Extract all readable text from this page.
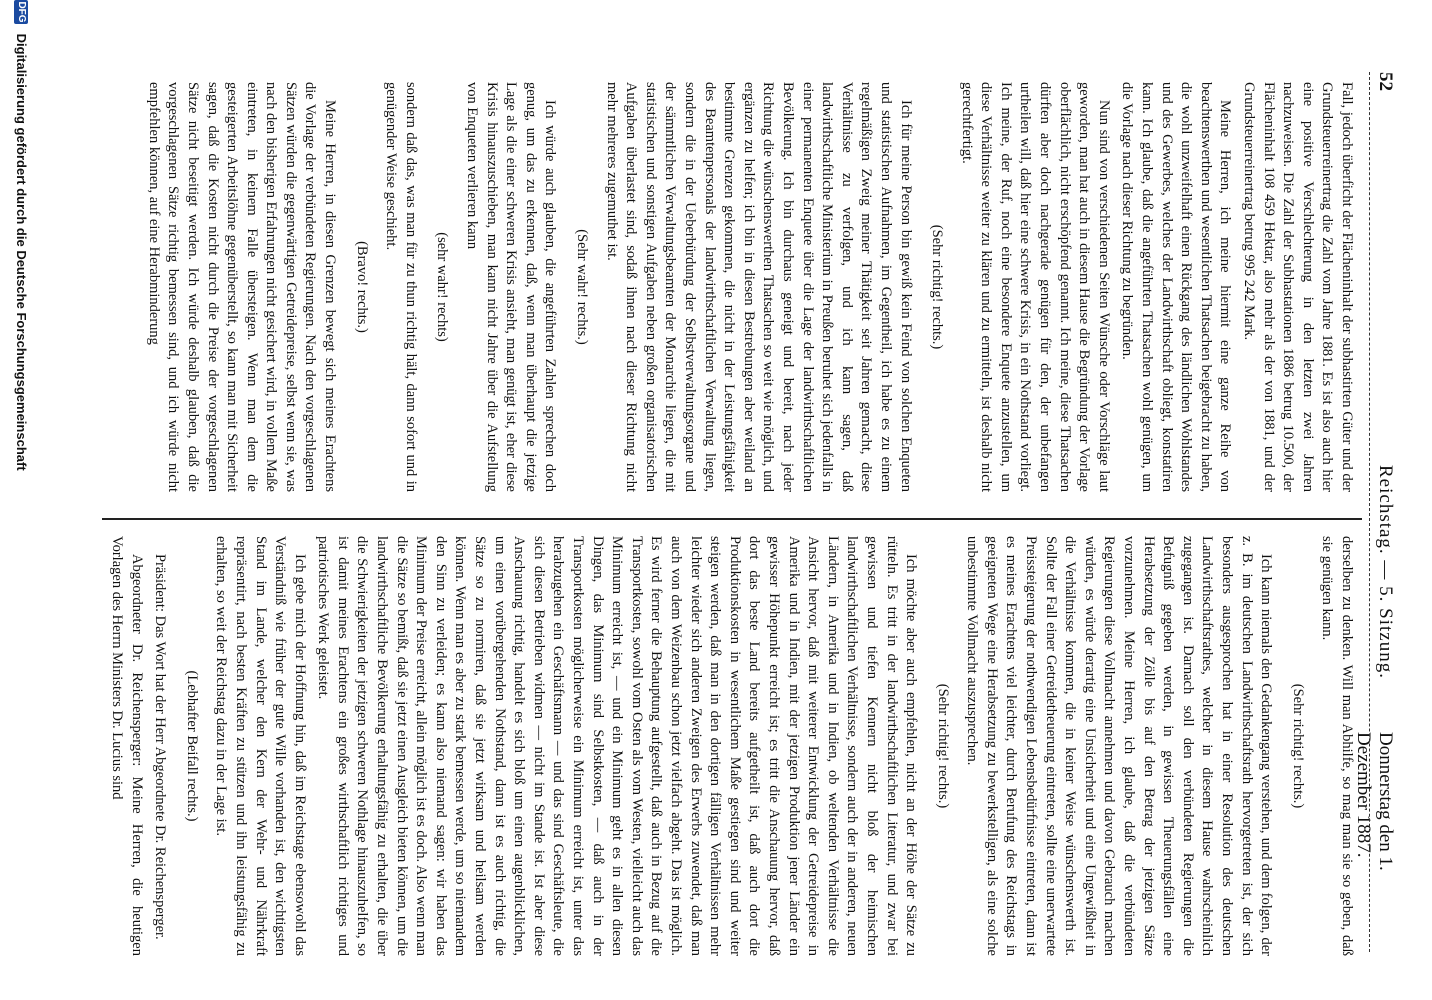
52
Reichstag. — 5. Sitzung.
Donnerstag den 1. Dezember 1887.

Fall, jedoch überficht der Flächeninhalt der subhastirten Güter und der Grundsteuerreinertrag die Zahl vom Jahre 1881. Es ist also auch hier eine positive Verschlechterung in den letzten zwei Jahren nachzuweisen. Die Zahl der Subhastationen 1886 betrug 10.500, der Flächeninhalt 108 459 Hektar, also mehr als der von 1881, und der Grundsteuerreinertrag betrug 995 242 Mark.

Meine Herren, ich meine hiermit eine ganze Reihe von beachtenswerthen und wesentlichen Thatsachen beigebracht zu haben, die wohl unzweifelhaft einen Rückgang des ländlichen Wohlstandes und des Gewerbes, welches der Landwirthschaft obliegt, konstatiren kann. Ich glaube, daß die angeführten Thatsachen wohl genügen, um die Vorlage nach dieser Richtung zu begründen.

Nun sind von verschiedenen Seiten Wünsche oder Vorschläge laut geworden, man hat auch in diesem Hause die Begründung der Vorlage oberflächlich, nicht erschöpfend genannt. Ich meine, diese Thatsachen dürften aber doch nachgerade genügen für den, der unbefangen urtheilen will, daß hier eine schwere Krisis, in ein Nothstand vorliegt. Ich meine, der Ruf, noch eine besondere Enquete anzustellen, um diese Verhältnisse weiter zu klären und zu ermitteln, ist deshalb nicht gerechtfertigt.

(Sehr richtig! rechts.)

Ich für meine Person bin gewiß kein Feind von solchen Enqueten und statistischen Aufnahmen, im Gegentheil, ich habe es zu einem regelmäßigen Zweig meiner Thätigkeit seit Jahren gemacht, diese Verhältnisse zu verfolgen, und ich kann sagen, daß landwirthschaftliche Ministerium in Preußen beruhet sich jedenfalls in einer permanenten Enquete über die Lage der landwirthschaftlichen Bevölkerung. Ich bin durchaus geneigt und bereit, nach jeder Richtung die wünschenswerthen Thatsachen so weit wie möglich, und ergänzen zu helfen; ich bin in diesen Bestrebungen aber weiland an bestimmte Grenzen gekommen, die nicht in der Leistungsfähigkeit des Beamtenpersonals der landwirthschaftlichen Verwaltung liegen, sondern die in der Ueberbürdung der Selbstverwaltungsorgane und der sämmtlichen Verwaltungsbeamten der Monarchie liegen, die mit statistischen und sonstigen Aufgaben neben großen organisatorischen Aufgaben überlastet sind, sodaß ihnen nach dieser Richtung nicht mehr mehreres zugemuthet ist.

(Sehr wahr! rechts.)

Ich würde auch glauben, die angeführten Zahlen sprechen doch genug, um das zu erkennen, daß, wenn man überhaupt die jetzige Lage als die einer schweren Krisis ansieht, man genügt ist, eher diese Krisis hinauszuschieben, man kann nicht Jahre über die Aufstellung von Enqueten verlieren kann

(sehr wahr! rechts)

sondern daß das, was man für zu thun richtig hält, dann sofort und in genügender Weise geschieht.

(Bravo! rechts.)

Meine Herren, in diesen Grenzen bewegt sich meines Erachtens die Vorlage der verbündeten Regierungen. Nach den vorgeschlagenen Sätzen würden die gegenwärtigen Getreidepreise, selbst wenn sie, was nach den bisherigen Erfahrungen nicht gesichert wird, in vollem Maße eintreten, in keinem Falle übersteigen. Wenn man dem die gesteigerten Arbeitslöhne gegenüberstellt, so kann man mit Sicherheit sagen, daß die Kosten nicht durch die Preise der vorgeschlagenen Sätze nicht beseitigt werden. Ich würde deshalb glauben, daß die vorgeschlagenen Sätze richtig bemessen sind, und ich würde nicht empfehlen können, auf eine Herabminderung

derselben zu denken. Will man Abhilfe, so mag man sie so geben, daß sie genügen kann.

(Sehr richtig! rechts.)

Ich kann niemals den Gedankengang verstehen, und dem folgen, der z. B. im deutschen Landwirthschaftsrath hervorgetreten ist, der sich besonders ausgesprochen hat in einer Resolution des deutschen Landwirthschaftsrathes, welcher in diesem Hause wahrscheinlich zugegangen ist. Darnach soll den verbündeten Regierungen die Befugniß gegeben werden, in gewissen Theuerungsfällen eine Herabsetzung der Zölle bis auf den Betrag der jetzigen Sätze vorzunehmen. Meine Herren, ich glaube, daß die verbündeten Regierungen diese Vollmacht annehmen und davon Gebrauch machen würden, es würde derartig eine Unsicherheit und eine Ungewißheit in die Verhältnisse kommen, die in keiner Weise wünschenswerth ist. Sollte der Fall einer Getreidetheuerung eintreten, sollte eine unerwartete Preissteigerung der nothwendigen Lebensbedürfnisse eintreten, dann ist es meines Erachtens viel leichter, durch Berufung des Reichstags in geeigneten Wege eine Herabsetzung zu bewerkstelligen, als eine solche unbestimmte Vollmacht auszusprechen.

(Sehr richtig! rechts.)

Ich möchte aber auch empfehlen, nicht an der Höhe der Sätze zu rütteln. Es tritt in der landwirthschaftlichen Literatur, und zwar bei gewissen und tiefen Kennern nicht bloß der heimischen landwirthschaftlichen Verhältnisse, sondern auch der in anderen, neuen Ländern, in Amerika und in Indien, ob weltenden Verhältnisse die Ansicht hervor, daß mit weiterer Entwicklung der Getreidepreise in Amerika und in Indien, mit der jetzigen Produktion jener Länder ein gewisser Höhepunkt erreicht ist; es tritt die Anschauung hervor, daß dort das beste Land bereits aufgetheilt ist, daß auch dort die Produktionskosten in wesentlichem Maße gestiegen sind und weiter steigen werden, daß man in den dortigen fälligen Verhältnissen mehr leichter wieder sich anderen Zweigen des Erwerbs zuwendet, daß man auch von dem Weizenbau schon jetzt vielfach abgeht. Das ist möglich. Es wird ferner die Behauptung aufgestellt, daß auch in Bezug auf die Transportkosten, sowohl vom Osten als vom Westen, vielleicht auch das Minimum erreicht ist, — und ein Minimum geht es in allen diesen Dingen, das Minimum sind Selbstkosten, — daß auch in der Transportkosten möglicherweise ein Minimum erreicht ist, unter das herabzugehen ein Geschäftsmann — und das sind Geschäftsleute, die sich diesen Betrieben widmen — nicht im Stande ist. Ist aber diese Anschauung richtig, handelt es sich bloß um einen augenblicklichen, um einen vorübergehenden Nothstand, dann ist es auch richtig, die Sätze so zu normiren, daß sie jetzt wirksam und heilsam werden können. Wenn man es aber zu stark bemessen werde, um so niemandem den Sinn zu verleiden; es kann also niemand sagen: wir haben das Minimum der Preise erreicht, allein möglich ist es doch. Also wenn man die Sätze so bemißt, daß sie jetzt einen Ausgleich bieten können, um die landwirthschaftliche Bevölkerung erhaltungsfähig zu erhalten, die über die Schwierigkeiten der jetzigen schweren Nothlage hinauszuhelfen, so ist damit meines Erachtens ein großes wirthschaftlich richtiges und patriotisches Werk geleistet.

Ich gebe mich der Hoffnung hin, daß im Reichstage ebensowohl das Verständniß wie früher der gute Wille vorhanden ist, den wichtigsten Stand im Lande, welcher den Kern der Wehr- und Nährkraft repräsentirt, nach besten Kräften zu stützen und ihn leistungsfähig zu erhalten, so weit der Reichstag dazu in der Lage ist.

(Lebhafter Beifall rechts.)

Präsident: Das Wort hat der Herr Abgeordnete Dr. Reichensperger.

Abgeordneter Dr. Reichensperger: Meine Herren, die heutigen Vorlagen des Herrn Ministers Dr. Lucius sind

DFG Digitalisierung gefördert durch die Deutsche Forschungsgemeinschaft
